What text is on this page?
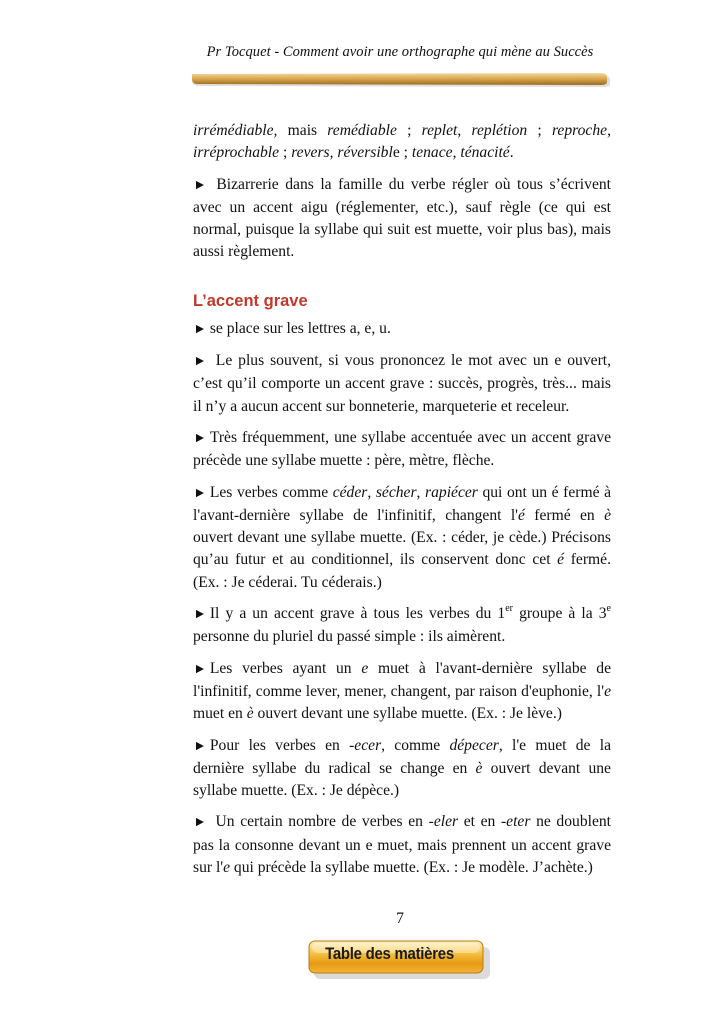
Pr Tocquet - Comment avoir une orthographe qui mène au Succès

irrémédiable, mais remédiable ; replet, replétion ; reproche, irréprochable ; revers, réversible ; tenace, ténacité.

► Bizarrerie dans la famille du verbe régler où tous s’écrivent avec un accent aigu (réglementer, etc.), sauf règle (ce qui est normal, puisque la syllabe qui suit est muette, voir plus bas), mais aussi règlement.

L’accent grave

► se place sur les lettres a, e, u.

► Le plus souvent, si vous prononcez le mot avec un e ouvert, c’est qu’il comporte un accent grave : succès, progrès, très... mais il n’y a aucun accent sur bonneterie, marqueterie et receleur.

► Très fréquemment, une syllabe accentuée avec un accent grave précède une syllabe muette : père, mètre, flèche.

► Les verbes comme céder, sécher, rapiécer qui ont un é fermé à l'avant-dernière syllabe de l'infinitif, changent l'é fermé en è ouvert devant une syllabe muette. (Ex. : céder, je cède.) Précisons qu’au futur et au conditionnel, ils conservent donc cet é fermé. (Ex. : Je céderai. Tu céderais.)

► Il y a un accent grave à tous les verbes du 1er groupe à la 3e personne du pluriel du passé simple : ils aimèrent.

► Les verbes ayant un e muet à l'avant-dernière syllabe de l'infinitif, comme lever, mener, changent, par raison d'euphonie, l'e muet en è ouvert devant une syllabe muette. (Ex. : Je lève.)

► Pour les verbes en -ecer, comme dépecer, l'e muet de la dernière syllabe du radical se change en è ouvert devant une syllabe muette. (Ex. : Je dépèce.)

► Un certain nombre de verbes en -eler et en -eter ne doublent pas la consonne devant un e muet, mais prennent un accent grave sur l'e qui précède la syllabe muette. (Ex. : Je modèle. J’achète.)

7
Table des matières
